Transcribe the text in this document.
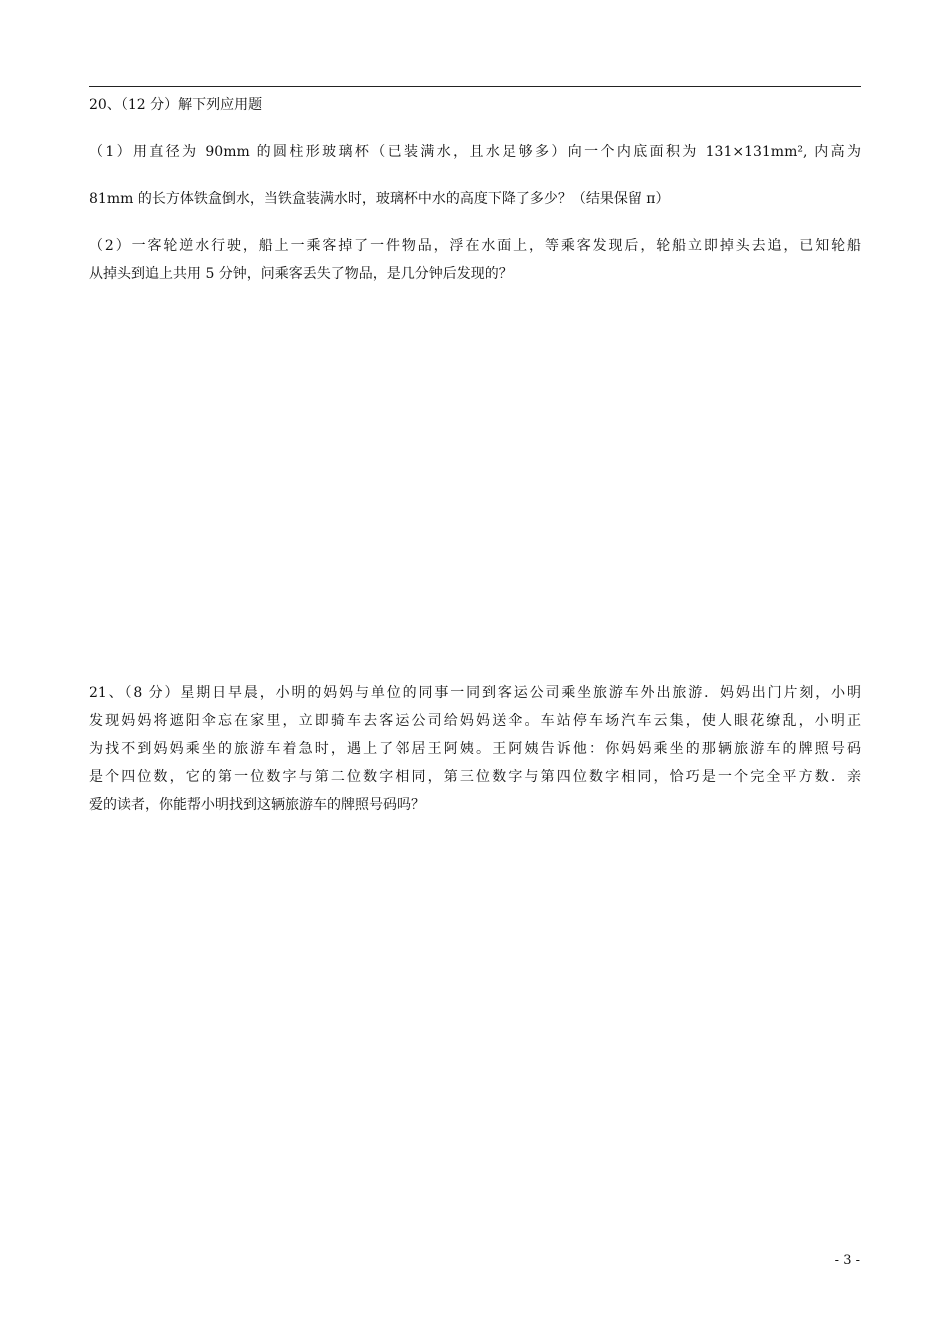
20、（12 分）解下列应用题
（1）用直径为 90mm 的圆柱形玻璃杯（已装满水，且水足够多）向一个内底面积为 131×131mm², 内高为
81mm 的长方体铁盒倒水，当铁盒装满水时，玻璃杯中水的高度下降了多少？（结果保留 π）
（2）一客轮逆水行驶，船上一乘客掉了一件物品，浮在水面上，等乘客发现后，轮船立即掉头去追，已知轮船
从掉头到追上共用 5 分钟，问乘客丢失了物品，是几分钟后发现的？
21、（8 分）星期日早晨，小明的妈妈与单位的同事一同到客运公司乘坐旅游车外出旅游．妈妈出门片刻，小明
发现妈妈将遮阳伞忘在家里，立即骑车去客运公司给妈妈送伞。车站停车场汽车云集，使人眼花缭乱，小明正
为找不到妈妈乘坐的旅游车着急时，遇上了邻居王阿姨。王阿姨告诉他：你妈妈乘坐的那辆旅游车的牌照号码
是个四位数，它的第一位数字与第二位数字相同，第三位数字与第四位数字相同，恰巧是一个完全平方数．亲
爱的读者，你能帮小明找到这辆旅游车的牌照号码吗？
- 3 -
